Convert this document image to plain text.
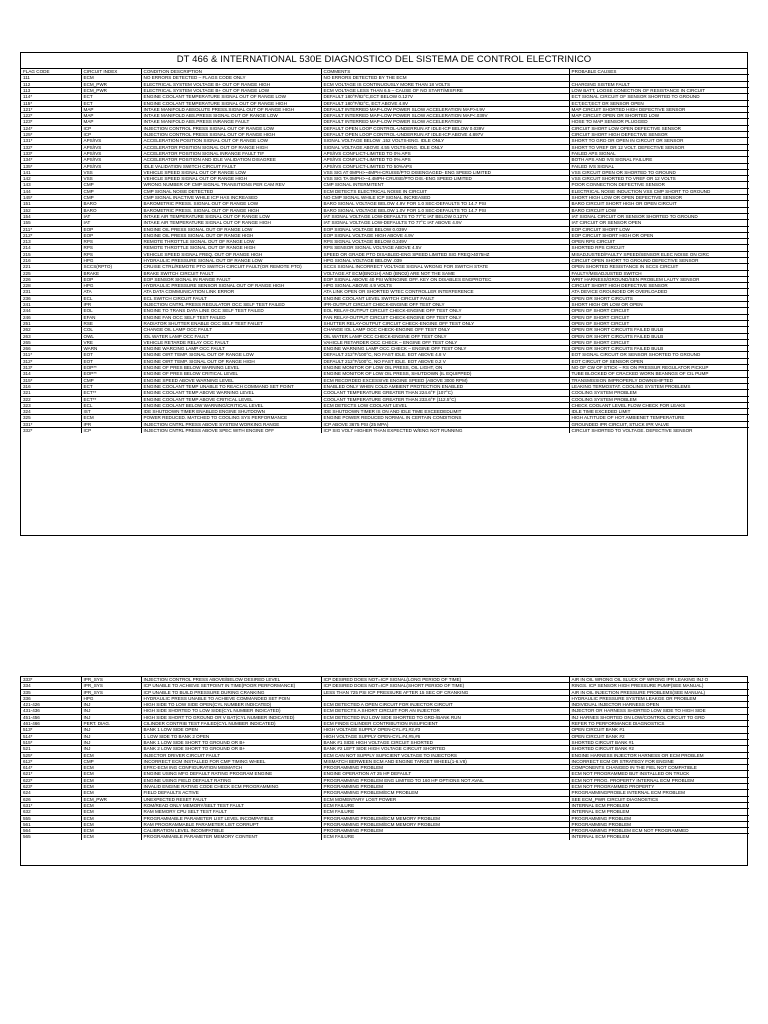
DT 466 & INTERNATIONAL 530E DIAGNOSTICO DEL SISTEMA DE CONTROL ELECTRINICO
FLAG CODE	CIRCUIT INDEX	CONDITION DESCRIPTION	COMMENTS	PROBABLE CAUSES
111	ECM	NO ERRORS DETECTED – FLAGS CODE ONLY	NO ERRORS DETECTED BY THE ECM	
112	ECM_PWR	ELECTRICAL SYSTEM VOLTAGE B+ OUT OF RANGE HIGH	ECM VOLTAGE IS CONTINUOUSLY MORE THAN 18 VOLTS	CHARGING SISTEM FAULT
113	ECM_PWR	ELECTRICAL SYSTEM VOLTAGE B+ OUT OF RANGE LOW	ECM VOLTAGE LESS THAN 6.5 – CAUSE OF NO START/MISFIRE	LOW BATT, LOOSE CONECTION OF RESISTANCE IN CIRCUIT
114*	ECT	ENGINE COOLANT TEMPERATURE SIGNAL OUT OF RANGE LOW	DEFAULT 180°F/82°C,ECT BELOW 0.127V	ECT SIGNAL CIRCUIT OF SENSOR SHORTED TO GROUND
115*	ECT	ENGINE COOLANT TEMPERATURE SIGNAL OUT OF RANGE HIGH	DEFAULT 180°F/82°C, ECT ABOVE 4.8V	ECT,ECT,ECT OR SENSOR OPEN
121*	MAP	INTAKE MANIFOLD ABSOLUTE PRESS.SIGNAL OUT OF RANGE HIGH	DEFAULT INTERRED MAP-LOW POWER SLOW ACCELERATION MAP>4.9V	MAP CIRCUIT SHORTED HIGH DEFECTIVE SENSOR
122*	MAP	INTAKE MANIFOLD ABS.PRESS SIGNAL OUT OF RANGE LOW	DEFAULT INTERRED MAP-LOW POWER SLOW ACCELERATION MAP<.039V	MAP CIRCUIT OPEN OR SHORTED LOW
123*	MAP	INTAKE MANIFOLD ABS.PRESS INRANGE FAULT	DEFAULT INTERRED MAP-LOW POWER SLOW ACCELERATION	HOSE TO MAP SENSOR PLUGGED
124*	ICP	INJECTION CONTROL PRESS SIGNAL OUT OF RANGE LOW	DEFAULT OPEN LOOP CONTROL-UNDERRUN AT IDLE-ICP BELOW 0.039V	CIRCUIT SHORT LOW OPEN DEFECTIVE SENSOR
125*	ICP	INJECTION CONTROL PRESS SIGNAL OUT OF RANGE HIGH	DEFAULT OPEN LOOP CONTROL-UNDERRUN AT IDLE-ICP ABOVE 4.897V	CIRCUIT SHORT HIGH DEFECTIVE SENSOR
131*	APS/IVS	ACCELERATION POSITION SIGNAL OUT OF RANGE LOW	SIGNAL VOLTAGE BELOW .152 VOLTS-ENG. IDLE ONLY	SHORT TO GRD OR OPEN IN CIRCUIT OR SENSOR
132*	APS/IVS	ACCELERATOR POSITION SIGNAL OUT OF RANGE HIGH	SIGNAL VOLTAGE ABOVE 4.55 VOLTS-ENG. IDLE ONLY	SHORT TO VREF OR 12 VOLT. DEFECTIVE SENSOR
133*	APS/IVS	ACCELERATOR POSITION SIGNAL INRANGE FAULT TIF	APS/IVS CONFLICT-LIMITED TO 0% APS	FAILED APS SIGNAL
134*	APS/IVS	ACCELERATOR POSITION AND IDLE VALIDATION DISAGREE	APS/IVS CONFLICT-LIMITED TO 0% APS	BOTH APS AND IVS SIGNAL FAILURE
135*	APS/IVS	IDLE VALIDATION SWITCH CIRCUIT FAULT	APS/IVS CONFLICT-LIMITED TO 50%APS	FAILED IVS SIGNAL
141	VSS	VEHICLE SPEED SIGNAL OUT OF RANGE LOW	VSS SIG AT 0MPH>~4MPH-CRUISE/PTO DISENGAGED- ENG SPEED LIMITED	VSS CIRCUIT OPEN OR SHORTED TO GROUND
142	VSS	VEHICLE SPEED SIGNAL OUT OF RANGE HIGH	VSS SIG TA 0MPH>~4.4MPH-CRUISE/PTO DIS.-ENG SPEED LIMITED	VSS CIRCUIT SHORTED TO VREF OR 12 VOLTS
143	CMP	WRONG NUMBER OF CMP SIGNAL TRANSITIONS PER CAM REV	CMP SIGNAL INTERMITENT	POOR CONNECTION DEFECTIVE SENSOR
144	CMP	CMP SIGNAL NOISE DETECTED	ECM DETECTS ELECTRICAL NOISE IN CIRCUIT	ELECTRICAL NOISE INDUCTION VSS CMP SHORT TO GROUND
145*	CMP	CMP SIGNAL INACTIVE WHILE ICP HAS INCREASED	NO CMP SIGNAL WHILE ICP SIGNAL INCREASED	SHORT HIGH LOW OR OPEN DEFECTIVE SENSOR
151	BARO	BAROMETRIC PRESS. SIGNAL OUT OF RANGE LOW	BARO SIGNAL VOLTAGE BELOW 4.9V FOR 1.0 SEC-DEFAULTS TO 14.7 PSI	BARO CIRCUIT SHORT HIGH OR OPEN CIRCUIT
152	BARO	BAROMETRIC PRESS. SIGNAL OUT OF RANGE HIGH	BARO SIGNAL VOLTAGE BELOW 1.0V FOR 1.0 SEC-DEFAULTS TO 14.7 PSI	BARO CIRCUIT LOW
154	IAT	INTAKE AIR TEMPERATURE SIGNAL OUT OF RANGE LOW	IAT SIGNAL VOLTAGE LOW-DEFAULTS TO 77°C IAT BELOW 0.127V	IAT SIGNAL CIRCUIT OR SENSOR SHORTED TO GROUND
155	IAT	INTAKE AIR TEMPERATURE SIGNAL OUT OF RANGE HIGH	IAT SIGNAL VOLTAGE LOW-DEFAULTS TO 77°C IAT ABOVE 4.9V	IAT CIRCUIT OR SENSOR OPEN
211*	EOP	ENGINE OIL PRESS SIGNAL OUT OF RANGE LOW	EOP SIGNAL VOLTAGE BELOW 0.039V	EOP CIRCUIT SHORT LOW
212*	EOP	ENGINE OIL PRESS SIGNAL OUT OF RANGE HIGH	EOP SIGNAL VOLTAGE HIGH ABOVE 4.9V	EOP CIRCUIT SHORT HIGH OR OPEN
213	RPS	REMOTE THROTTLE SIGNAL OUT OF RANGE LOW	RPS SIGNAL VOLTAGE BELOW 0.249V	OPEN RPS CIRCUIT
214	RPS	REMOTE THROTTLE SIGNAL OUT OF RANGE HIGH	RPS SENSOR SIGNAL VOLTAGE ABOVE 4.5V	SHORTED RPS CIRCUIT
215	RPS	VEHICLE SPEED SIGNAL FREQ. OUT OF RANGE HIGH	SPEED OR GRADE PTO DISABLED-ENG SPEED LIMITED SIG FREQ>4075HZ	MISADJUSTED/FAULTY SPEED/SENSOR ELEC NOISE ON CIRC
216	HPG	HYDRAULIC PRESSURE SIGNAL OUT OF RANGE LOW	HPG SIGNAL VOLTAGE BELOW .039	CIRCUIT OPEN SHORT TO GROUND DEFECTIVE SENSOR
221	SCCS(RPTO)	CRUISE CTRL/REMOTE PTO SWITCH CIRCUIT FAULT(OR REMOTE PTO)	SCCS SIGNAL INCORRECT VOLTAGE SIGNAL WRONG FOR SWITCH STATE	OPEN SHORTED RESISTANCE IN SCCS CIRCUIT
225	BRAKE	BRAKE SWITCH CIRCUIT FAULT	VOLTAGE AT ECM(BNO1H) AND (BNO2) ARE NOT THE SAME	FAULTY/MISADJUSTED SWITCH
226	EOP	EOP SENSOR SIGNAL IN RANGE FAULT	EOP SIGNAL ABOVE 40 PSI W/ENGINE OFF. KEY ON DISABLES ENGPROTEC	WRIT HARNESS/GROUND/SEN PROBLEM LAUTY SENSOR
228	HPG	HYDRAULIC PRESSURE SENSOR SIGNAL OUT OF RANGE HIGH	HPG SIGNAL ABOVE 4.9 VOLTS	CIRCUIT SHORT HIGH DEFECTIVE SENSOR
231	ATA	ATA DATA COMMUNICATION LINK ERROR	ATA LINK OPEN OR SHORTED WTEC CONTROLLER INTERFERENCE	ATA DEVICE GROUNDED OR OVERLOADED
236	ECL	ECL SWITCH CIRCUIT FAULT	ENGINE COOLANT LEVEL SWITCH CIRCUIT FAULT	OPEN OR SHORT CIRCUITS
241	IPR	INJECTION CNTRL PRESS REGULATOR OCC SELF TEST FAILED	IPR-OUTPUT CIRCUIT CHECK-ENGINE OFF TEST ONLY	SHORT HIGH OR LOW OR OPEN
244	EOL	ENGINE TO TRANS DATA LINE OCC SELF TEST FAILED	EOL RELAY-OUTPUT CIRCUIT CHECK-ENGINE OFF TEST ONLY	OPEN OF SHORT CIRCUIT
246	EFAN	ENGINE FAN OCC SELF TEST FAILED	FAN RELAY-OUTPUT CIRCUIT CHECK-ENGINE OFF TEST ONLY	OPEN OF SHORT CIRCUIT
251	RSE	RADIATOR SHUTTER ENABLE OCC SELF TEST FAILET	SHUTTER RELAY-OUTPUT CIRCUIT CHECK-ENGINE OFF TEST ONLY	OPEN OF SHORT CIRCUIT
262	COL	CHANGE OIL LAMP OCC FAULT	CHANGE IOL LAMP OCC CHECK-ENGINE OFF TEST ONLY	OPEN OR SHORT CIRCUITS FAILED BULB
263	OWL	IOL WATER LAMP OCC FAULT	OIL WATER LAMP OCC CHECK-ENGINE OFF TEST ONLY	OPEN OR SHORT CIRCUITS FAILED BULB
265	VRE	VEHICLE RETARDE RELAY OCC FAULT	VAHICLE RETARDER OCC CHECK – ENGINE OFF TEST ONLY	OPEN OF SHORT CIRCUIT
266	WARN	ENGINE WARCING LAMP OCC FAULT	ENGINE WARNING LAMP OCC CHECK – ENGINE OFF TEST ONLY	OPEN OR SHORT CIRCUITS FAILED BULB
311*	EOT	ENGINE OIRT TEMP. SIGNAL OUT OF RANGE LOW	DEFAULT 212°F/100°C, NO FAST IDLE. EOT ABOVE 4.8 V	EOT SIGNAL CIRCUIT OR SENSOR SHORTED TO GROUND
312*	EOT	ENGINE OIRT TEMP. SIGNAL OUT OF RANGE HIGH	DEFAULT 212°F/100°C, NO FAST IDLE. EOT ABOVE 0.2 V	EOT CIRCUIT OF SENSOR OPEN
313*	EOP**	ENGINE OF PRES BELOW WARNING LEVEL	ENGINE MONITOR OF LOW OIL PRESS, OIL LIGHT, ON	NO OF CW OF STICK – RS ON PRESSUR REGULATOR PICKUP
314	EOP**	ENGINE OF PRES BELOW CRITICAL LEVEL	ENGINE MONITOR OF LOW OIL PRESS, SHUTDOWN (IL EQUIPPED)	TUBE BLOCKED OF CRACKED WORN BEANNGS OF CIL PUMP
315*	CMP	ENGINE SPEED ABOVE WARNING LEVEL	ECM RECORDED EXCESSIVE ENGINE SPEED (ABOVE 3000 RPM)	TRANSMISSION IMPROPERLY DOWNSHIFTED
316	ECT	ENGINE COOLANT TEMP UNABLE TO REACH COMMAND SET POINT	ENABLED ONLY WHEN COLD AMBIENT PROTECTION ENABLED	LEAKING TERMOSTAT. COOLING SYSTEM PROBLEMS
321	ECT**	ENGINE COOLANT TEMP ABOVE WARNING LEVEL	COOLANT TEMPERATURE GREATER THAN 224.6°F (107°C)	COOLING SYSTEM PROBLEM
322	ECT**	ENGINE COOLANT TEMP ABOVE CRITICAL LEVEL	COOLANT TEMPERATURE GREATER THAN 233.6°F (112.5°C)	COOLING SYSTEM PROBLEM
323	ECL	ENGINE COOLANT BELOW WARNING/CRITICAL LEVEL	ECM DETECTS LOW COOLANT LEVEL	CHECK COOLANT LEVEL FLOW CHECK FOR LEAKS
324	IST	IDE SHUTDOWN TIMER ENABLED ENGINE SHUTDOWN	IDE SHUTDOWN TIMER IS ON AND IDLE TIME EXCEEDEDLIMIT	IDLE TIME EXCEDED LIMIT
325	ECM	POWER REDUCED. MATCHED TO COOLING SYS PERFORMANCE	ENGINE POWER REDUCED NORMAL IN CERTAIN CONDITIONS	HIGH ALTITUDE OF HOT AMBIENET TEMPERATURE
331*	IPR	INJECTION CNTRL PRESS ABOVE SYSTEM WORKING RANGE	ICP ABOVE 3675 PSI (25 MPA)	GROUNDED IPR CIRCUIT, STUCK IPR VALVE
332*	ICP	INJECTION CNTRL PRESS ABOVE SPEC WITH ENGINE OFF	ICP SIG VOLT HIGHER THAN EXPECTED W/ENG NOT RUNNING	CIRCUIT SHORTED TO VOLTAGE. DEFECTIVE SENSOR
333*	IPR_SYS	INJECTION CONTROL PRESS ABOVE/BELOW DESIRED LEVEL	ICP DESIRED DOES NOT=ICP SIGNAL(LONG PERIOD OF TIME)	AIR IN OIL WRONG OIL SLUCK OF WRONG IPR LEAKING INJ O
334	IPR_SYS	ICP UNABLE TO ACHIEVE SETPOINT IN TIME(POOR PERFORMANCE)	ICP DESIRED DOES NOT=ICP SIGNAL(SHORT PERIOD OF TIME)	RINGS. ICP SENSOR HIGH PRESSURE PUMP(SEE MANUAL)
335	IPR_SYS	ICP UNABLE TO BUILD PRESSURE DURING CRANKING	LESS THAN 725 PSI ICP PRESSURE AFTER 15 SEC OF CRANKING	AIR IN OIL INJECTION PRESSURE PROBLEMS(SEE MANUAL)
336	HPG	HYDRAULIC PRESS UNABLE TO ACHIEVE COMMANDED SET POIN		HYDRAULIC PRESSURE SYSTEM LEAKGE OR PROBLEM
421-426	INJ	HIGH SIDE TO LOW SIDE OPEN(CYL NUMBER INDICATED)	ECM DETECTED A OPEN CIRCUIT FOR INJECTOR CIRCUIT	INDIVIDUAL INJECTOR HARNESS OPEN
431-436	INJ	HIGH SIDE SHORTED TO LOW SIDE(CYL NUMBER INDICATED)	ECM DETECTS A SHORT CIRCUIT FOR AN INJECTOR	INJECTOR OR HARNESS SHORTED LOW SIDE TO HIGH SIDE
451-456	INJ	HIGH SIDE SHORT TO GROUND OR V BAT(CYL NUMBER INDICATED)	ECM DETECTED INJ LOW SIDE SHORTED TO GRD-/BANK RUN	INJ HARNES SHORTED ON LOW/CONTROL CIRCUIT TO GRD
461-466	PERT. DIAG.	CILINDER CONTRIB TEST FAILED(CYL NUMBER INDICATED)	ECM FINDS CILINDER CONTRIBUTION INSUFICIENT	REFER TO PERFORMANCE DIAGNOSTICS
513*	INJ	BANK 1 LOW SIDE OPEN	HIGH VOLTAGE SUPPLY OPEN-CYL.#1,#2,#3	OPEN CIRCUIT BANK #1
514*	INJ	1 LOW SIDE TO BANK 2 OPEN	HIGH VOLTAGE SUPPLY OPEN-CYL.#4,#5,#6	OPEN CIRCUIT BANK #2
515*	INJ	BANK 1 LOW SIDE SHORT TO GROUND OR B+	BANK #1 SIDE HIGH VOLTAGE CIRCUIT SHORTED	SHORTED CIRCUIT BANK #1
521	INJ	BANK 2 LOW SIDE SHORT TO GROUND OR B+	BANK #2 LEFT SIDE HIGH VOLTAGE CIRCUIT SHORTED	SHORTED CIRCUIT BANK #2
525*	ECM	INJECTOR DRIVER CIRCUIT FAULT	ECM CAN NOT SUPPLY SUFICIENT VOLTAGE TO INJECTORS	ENGINE HARNESS INJECTOR HARNESS OR ECM PROBLEM
612*	CMP	INCORRECT ECM INSTALLED FOR CMP TIMING WHEEL	MISMATCH BERWEEN ECM AND ENGINE TARGET WHEEL(1-6.V8)	INCORRECT ECM OR STRATEGY FOR ENGINE
614*	ECM	EFRC-ECM ING CONFIGURATION MISMATCH	PROGRAMMING PROBLEM	COMPONENTS CHANGED IN THE FIEL NOT COMPATIBLE
621*	ECM	ENGINE USING MFG DEFAULT RATING PROGRAM ENGINE	ENGINE OPERATION AT 25 HP DEFAULT	ECM NOT PROGRAMMED BUT INSTALLED ON TRUCK
622*	ECM	ENGINE USING FIELD DEFAULT RATING	PROGRAMMING PROBLEM ENG LIMITED TO 160 HP OPTIONS NOT AVAIL	ECM NOT PROG. PROPERTY INTERNAL ECM PROBLEM
623*	ECM	INVALID ENGINE RATING CODE CHECK ECM PROGRAMMING	PROGRAMMING PROBLEM	ECM NOT PROGRAMMED PROPERTY
624	ECM	FIELD DEFAULTS ACTIVE	PROGRAMMING PROBLEM/ECM PROBLEM	PROGRAMMINGPROBLE INTERNAL ECM PROBLEM
626	ECM_PWR	UNEXPECTED RESET FAULT	ECM MOMENTARY LOST POWER	SEE ECM_PWR CIRCUIT DIAGNOSTICS
631*	ECM	ROM/READ ONLY MEMORY/SELT TEST FAULT	ECM FAILURE	INTERNAL ECM PROBLEM
632	ECM	RAM MEMORY CPU SELT TEST FAULT	ECM FAILURE	INTERNAL ECM PROBLEM
555	ECM	PROGRAMMABLE PARAMETER LIST LEVEL INCOMPATIBLE	PROGRAMMING PROBLEM/ECM MEMORY PROBLEM	PROGRAMMING PROBLEM
561	ECM	RAM PROGRAMMABLE PARAMETER LIST CORRUPT	PROGRAMMING PROBLEM/ECM MEMORY PROBLEM	PROGRAMMING PROBLEM
564	ECM	CALIBRATION LEVEL INCOMPATIBLE	PROGRAMMING PROBLEM	PROGRAMMING PROBLEM ECM NOT PROGRAMMED
565	ECM	PROGRAMMABLE PARAMETER MEMORY CONTENT	ECM FAILURE	INTERNAL ECM PROBLEM
